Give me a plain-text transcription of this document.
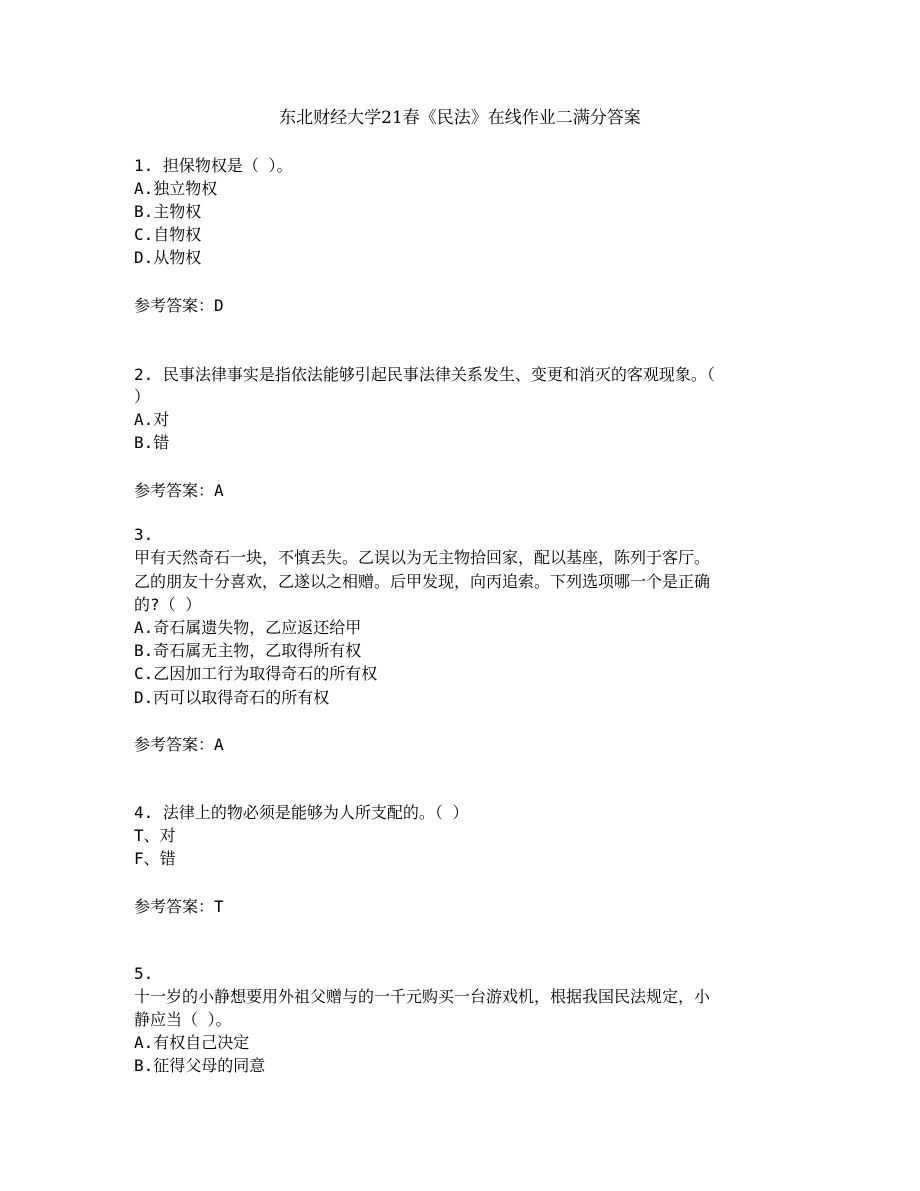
东北财经大学21春《民法》在线作业二满分答案
1. 担保物权是（ ）。
A.独立物权
B.主物权
C.自物权
D.从物权
参考答案：D
2. 民事法律事实是指依法能够引起民事法律关系发生、变更和消灭的客观现象。（
）
A.对
B.错
参考答案：A
3.
甲有天然奇石一块，不慎丢失。乙误以为无主物拾回家，配以基座，陈列于客厅。
乙的朋友十分喜欢，乙遂以之相赠。后甲发现，向丙追索。下列选项哪一个是正确
的?（ ）
A.奇石属遗失物，乙应返还给甲
B.奇石属无主物，乙取得所有权
C.乙因加工行为取得奇石的所有权
D.丙可以取得奇石的所有权
参考答案：A
4. 法律上的物必须是能够为人所支配的。（ ）
T、对
F、错
参考答案：T
5.
十一岁的小静想要用外祖父赠与的一千元购买一台游戏机，根据我国民法规定，小
静应当（ ）。
A.有权自己决定
B.征得父母的同意
